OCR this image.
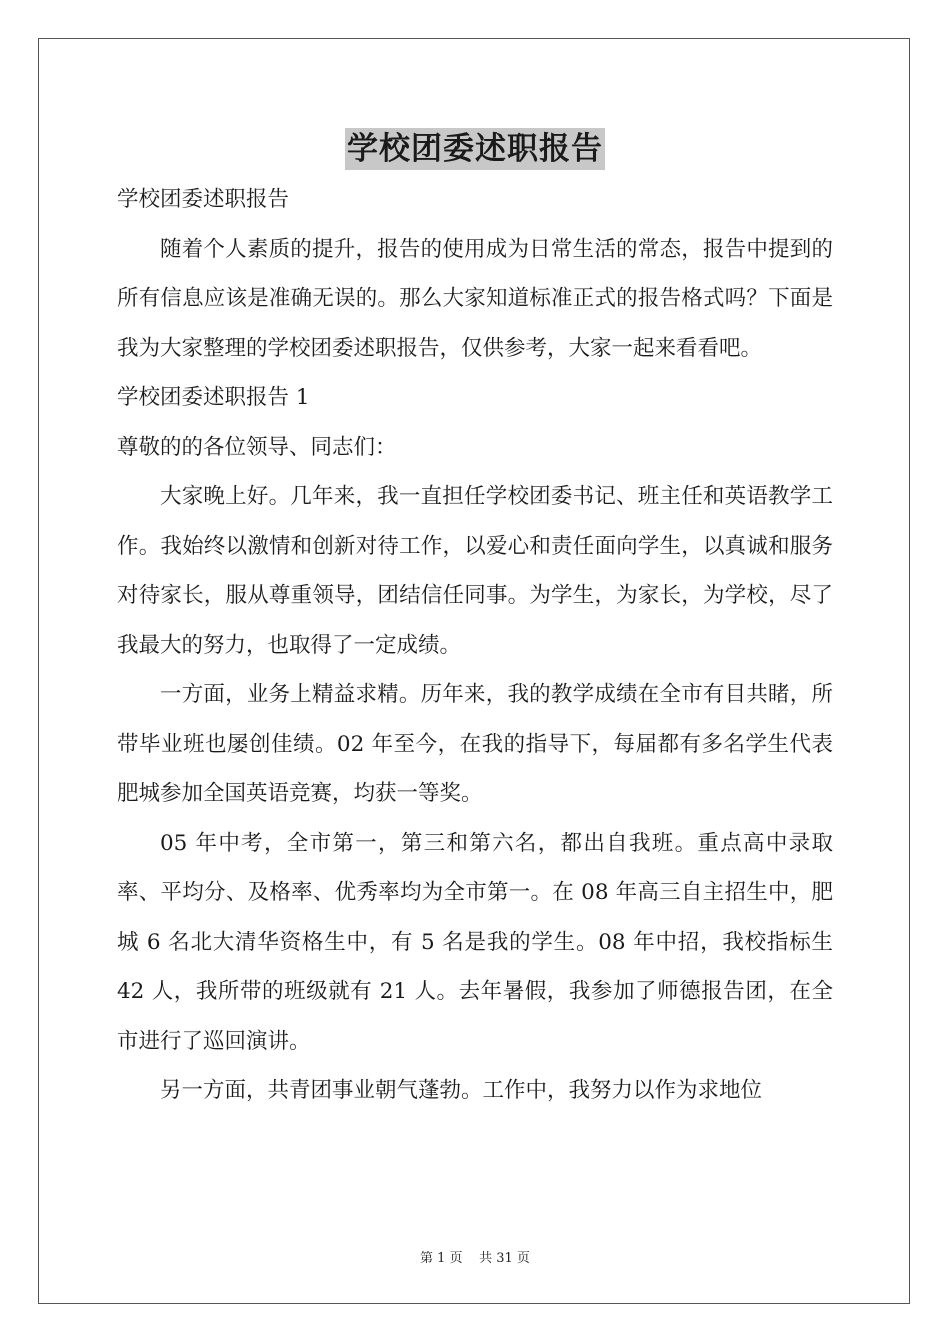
学校团委述职报告

学校团委述职报告

随着个人素质的提升，报告的使用成为日常生活的常态，报告中提到的所有信息应该是准确无误的。那么大家知道标准正式的报告格式吗？下面是我为大家整理的学校团委述职报告，仅供参考，大家一起来看看吧。

学校团委述职报告 1

尊敬的的各位领导、同志们：

大家晚上好。几年来，我一直担任学校团委书记、班主任和英语教学工作。我始终以激情和创新对待工作，以爱心和责任面向学生，以真诚和服务对待家长，服从尊重领导，团结信任同事。为学生，为家长，为学校，尽了我最大的努力，也取得了一定成绩。

一方面，业务上精益求精。历年来，我的教学成绩在全市有目共睹，所带毕业班也屡创佳绩。02 年至今，在我的指导下，每届都有多名学生代表肥城参加全国英语竞赛，均获一等奖。

05 年中考，全市第一，第三和第六名，都出自我班。重点高中录取率、平均分、及格率、优秀率均为全市第一。在 08 年高三自主招生中，肥城 6 名北大清华资格生中，有 5 名是我的学生。08 年中招，我校指标生 42 人，我所带的班级就有 21 人。去年暑假，我参加了师德报告团，在全市进行了巡回演讲。

另一方面，共青团事业朝气蓬勃。工作中，我努力以作为求地位

第 1 页 共 31 页
